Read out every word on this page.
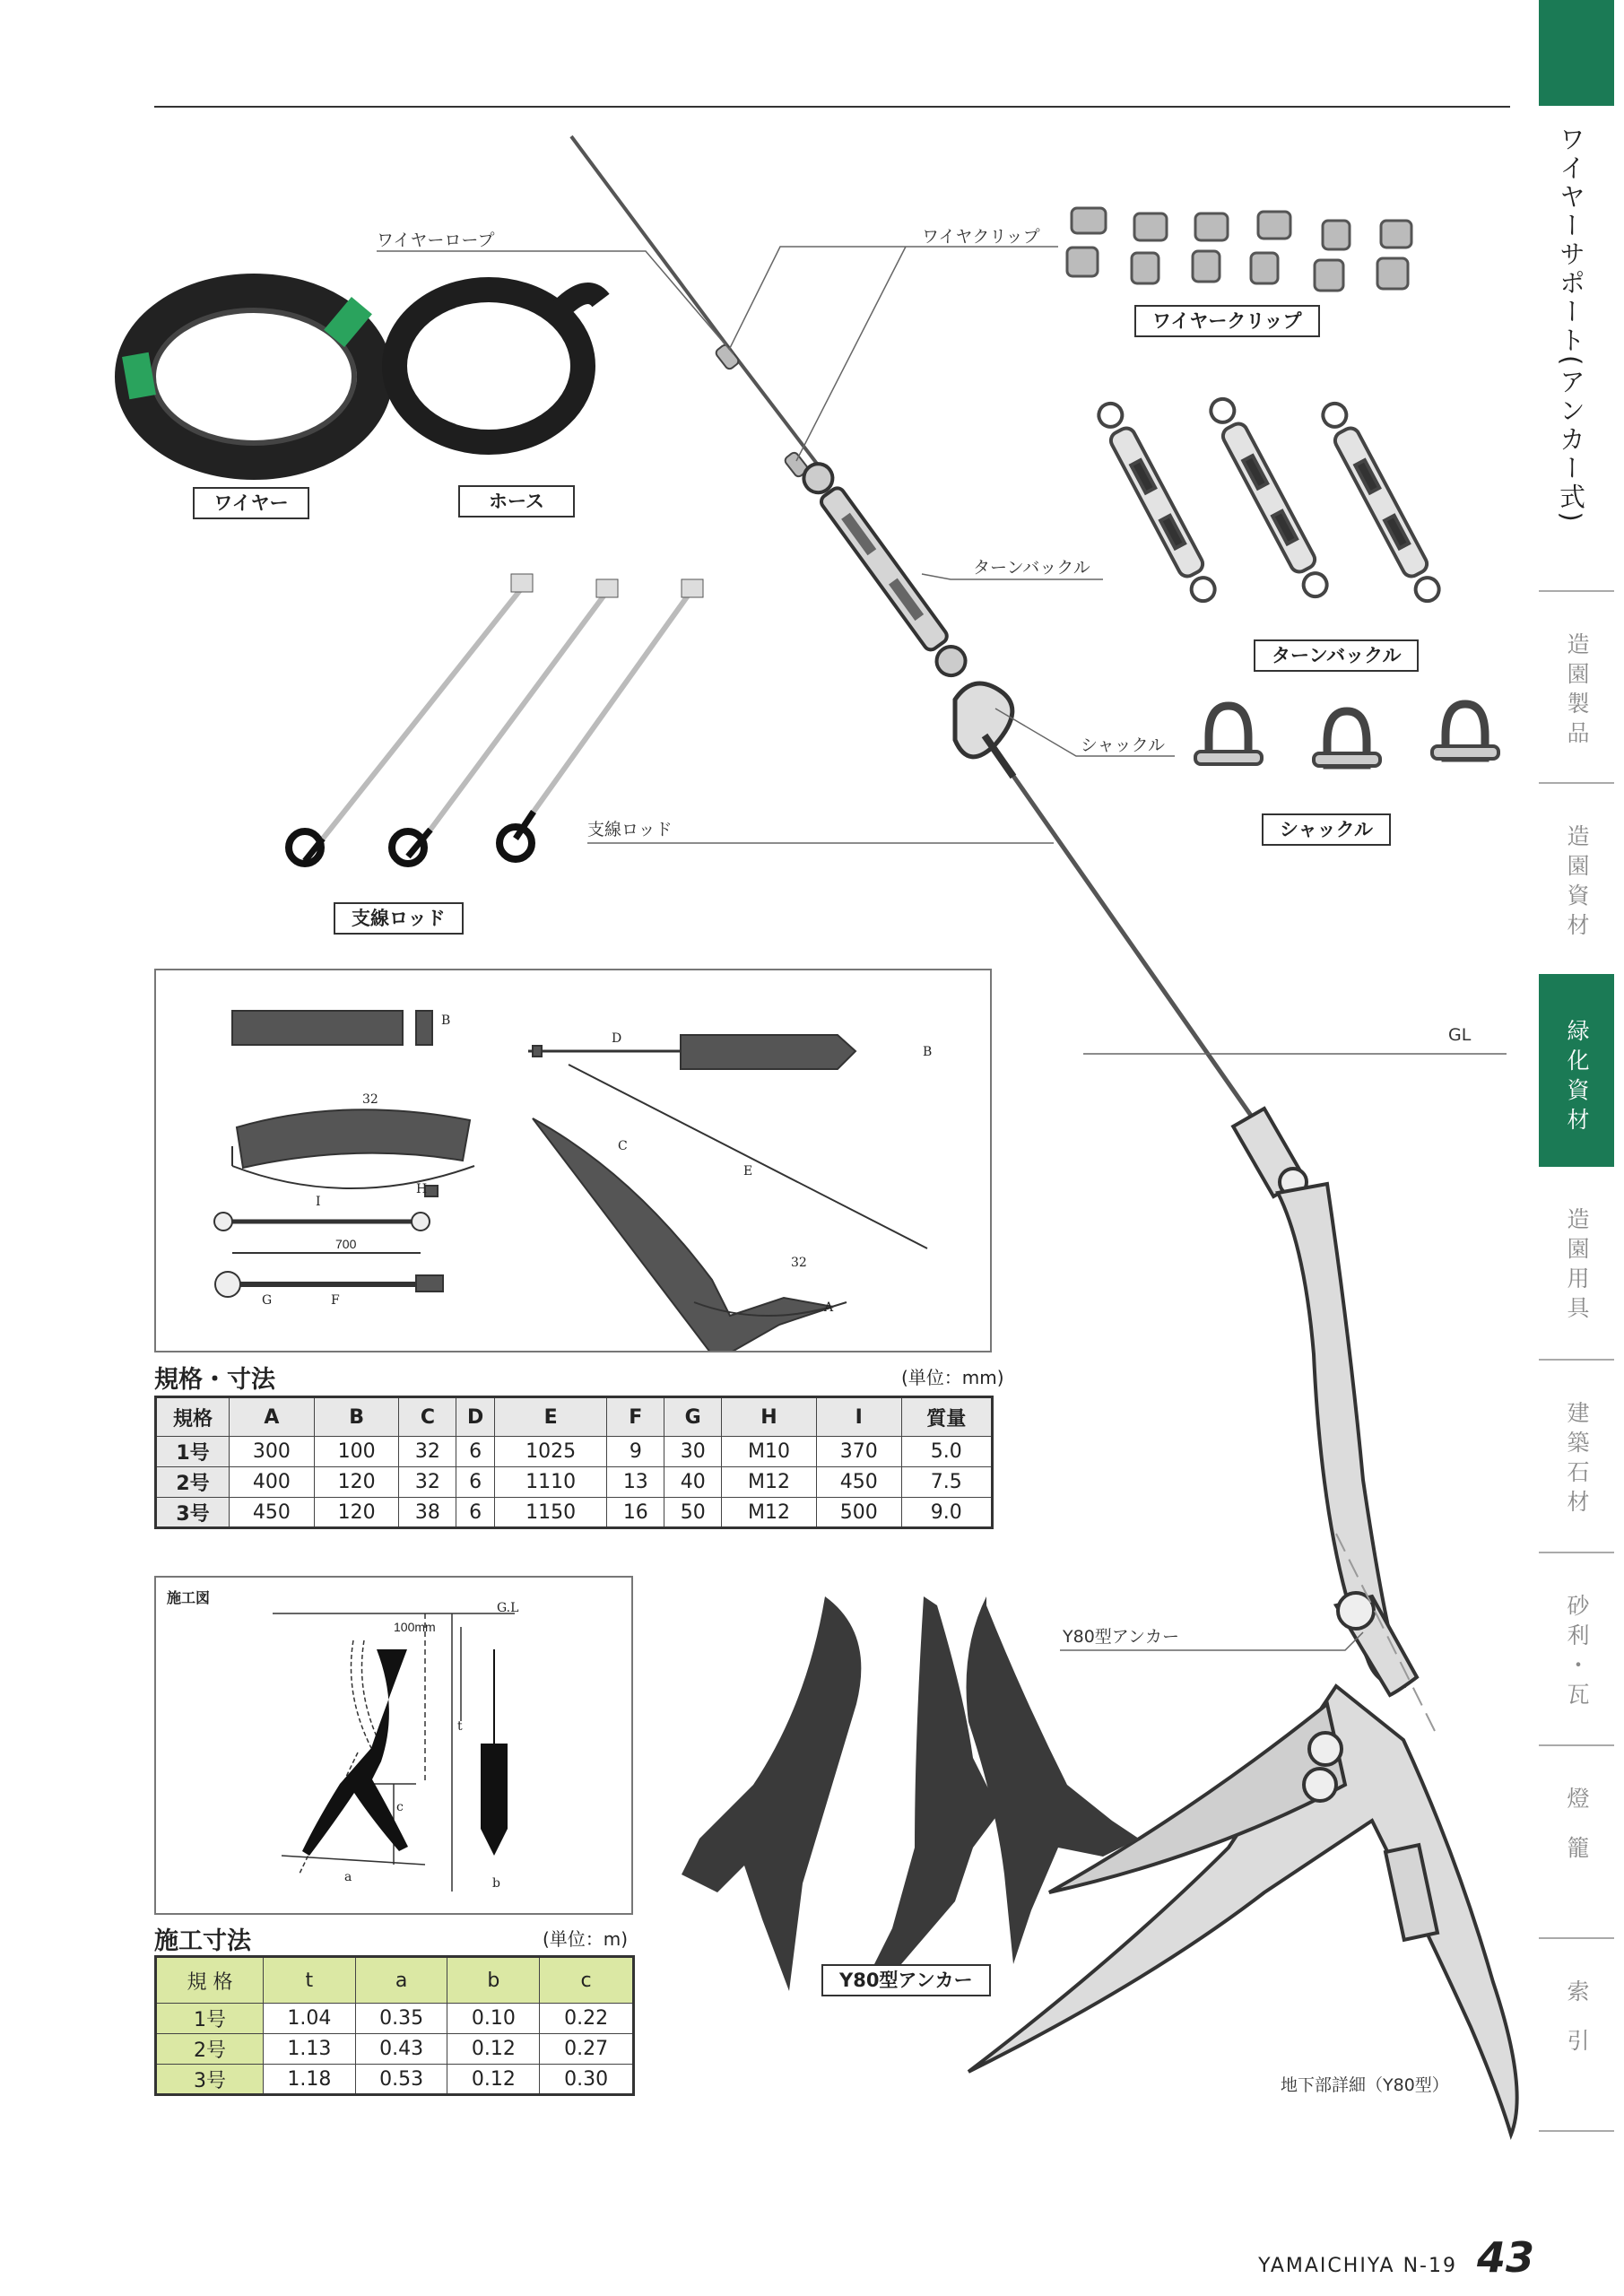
ワイヤーサポート(アンカー式)
造園製品
造園資材
緑化資材
造園用具
建築石材
砂利・瓦
燈籠
索引
ワイヤーロープ	ワイヤクリップ
ターンバックル
シャックル
支線ロッド
GL
Y80型アンカー
地下部詳細（Y80型）
ワイヤー	ホース
ワイヤークリップ
ターンバックル
シャックル
支線ロッド
Y80型アンカー
B
H
I
700
G	F
32
D
B
C
E
32
A
規格・寸法	(単位：mm)
規格	A	B	C	D	E	F	G	H	I	質量
1号	300	100	32	6	1025	9	30	M10	370	5.0
2号	400	120	32	6	1110	13	40	M12	450	7.5
3号	450	120	38	6	1150	16	50	M12	500	9.0
施工図
G.L
100mm
t
c
a	b
施工寸法	(単位：m)
規 格	t	a	b	c
1号	1.04	0.35	0.10	0.22
2号	1.13	0.43	0.12	0.27
3号	1.18	0.53	0.12	0.30
YAMAICHIYA N-19 43
